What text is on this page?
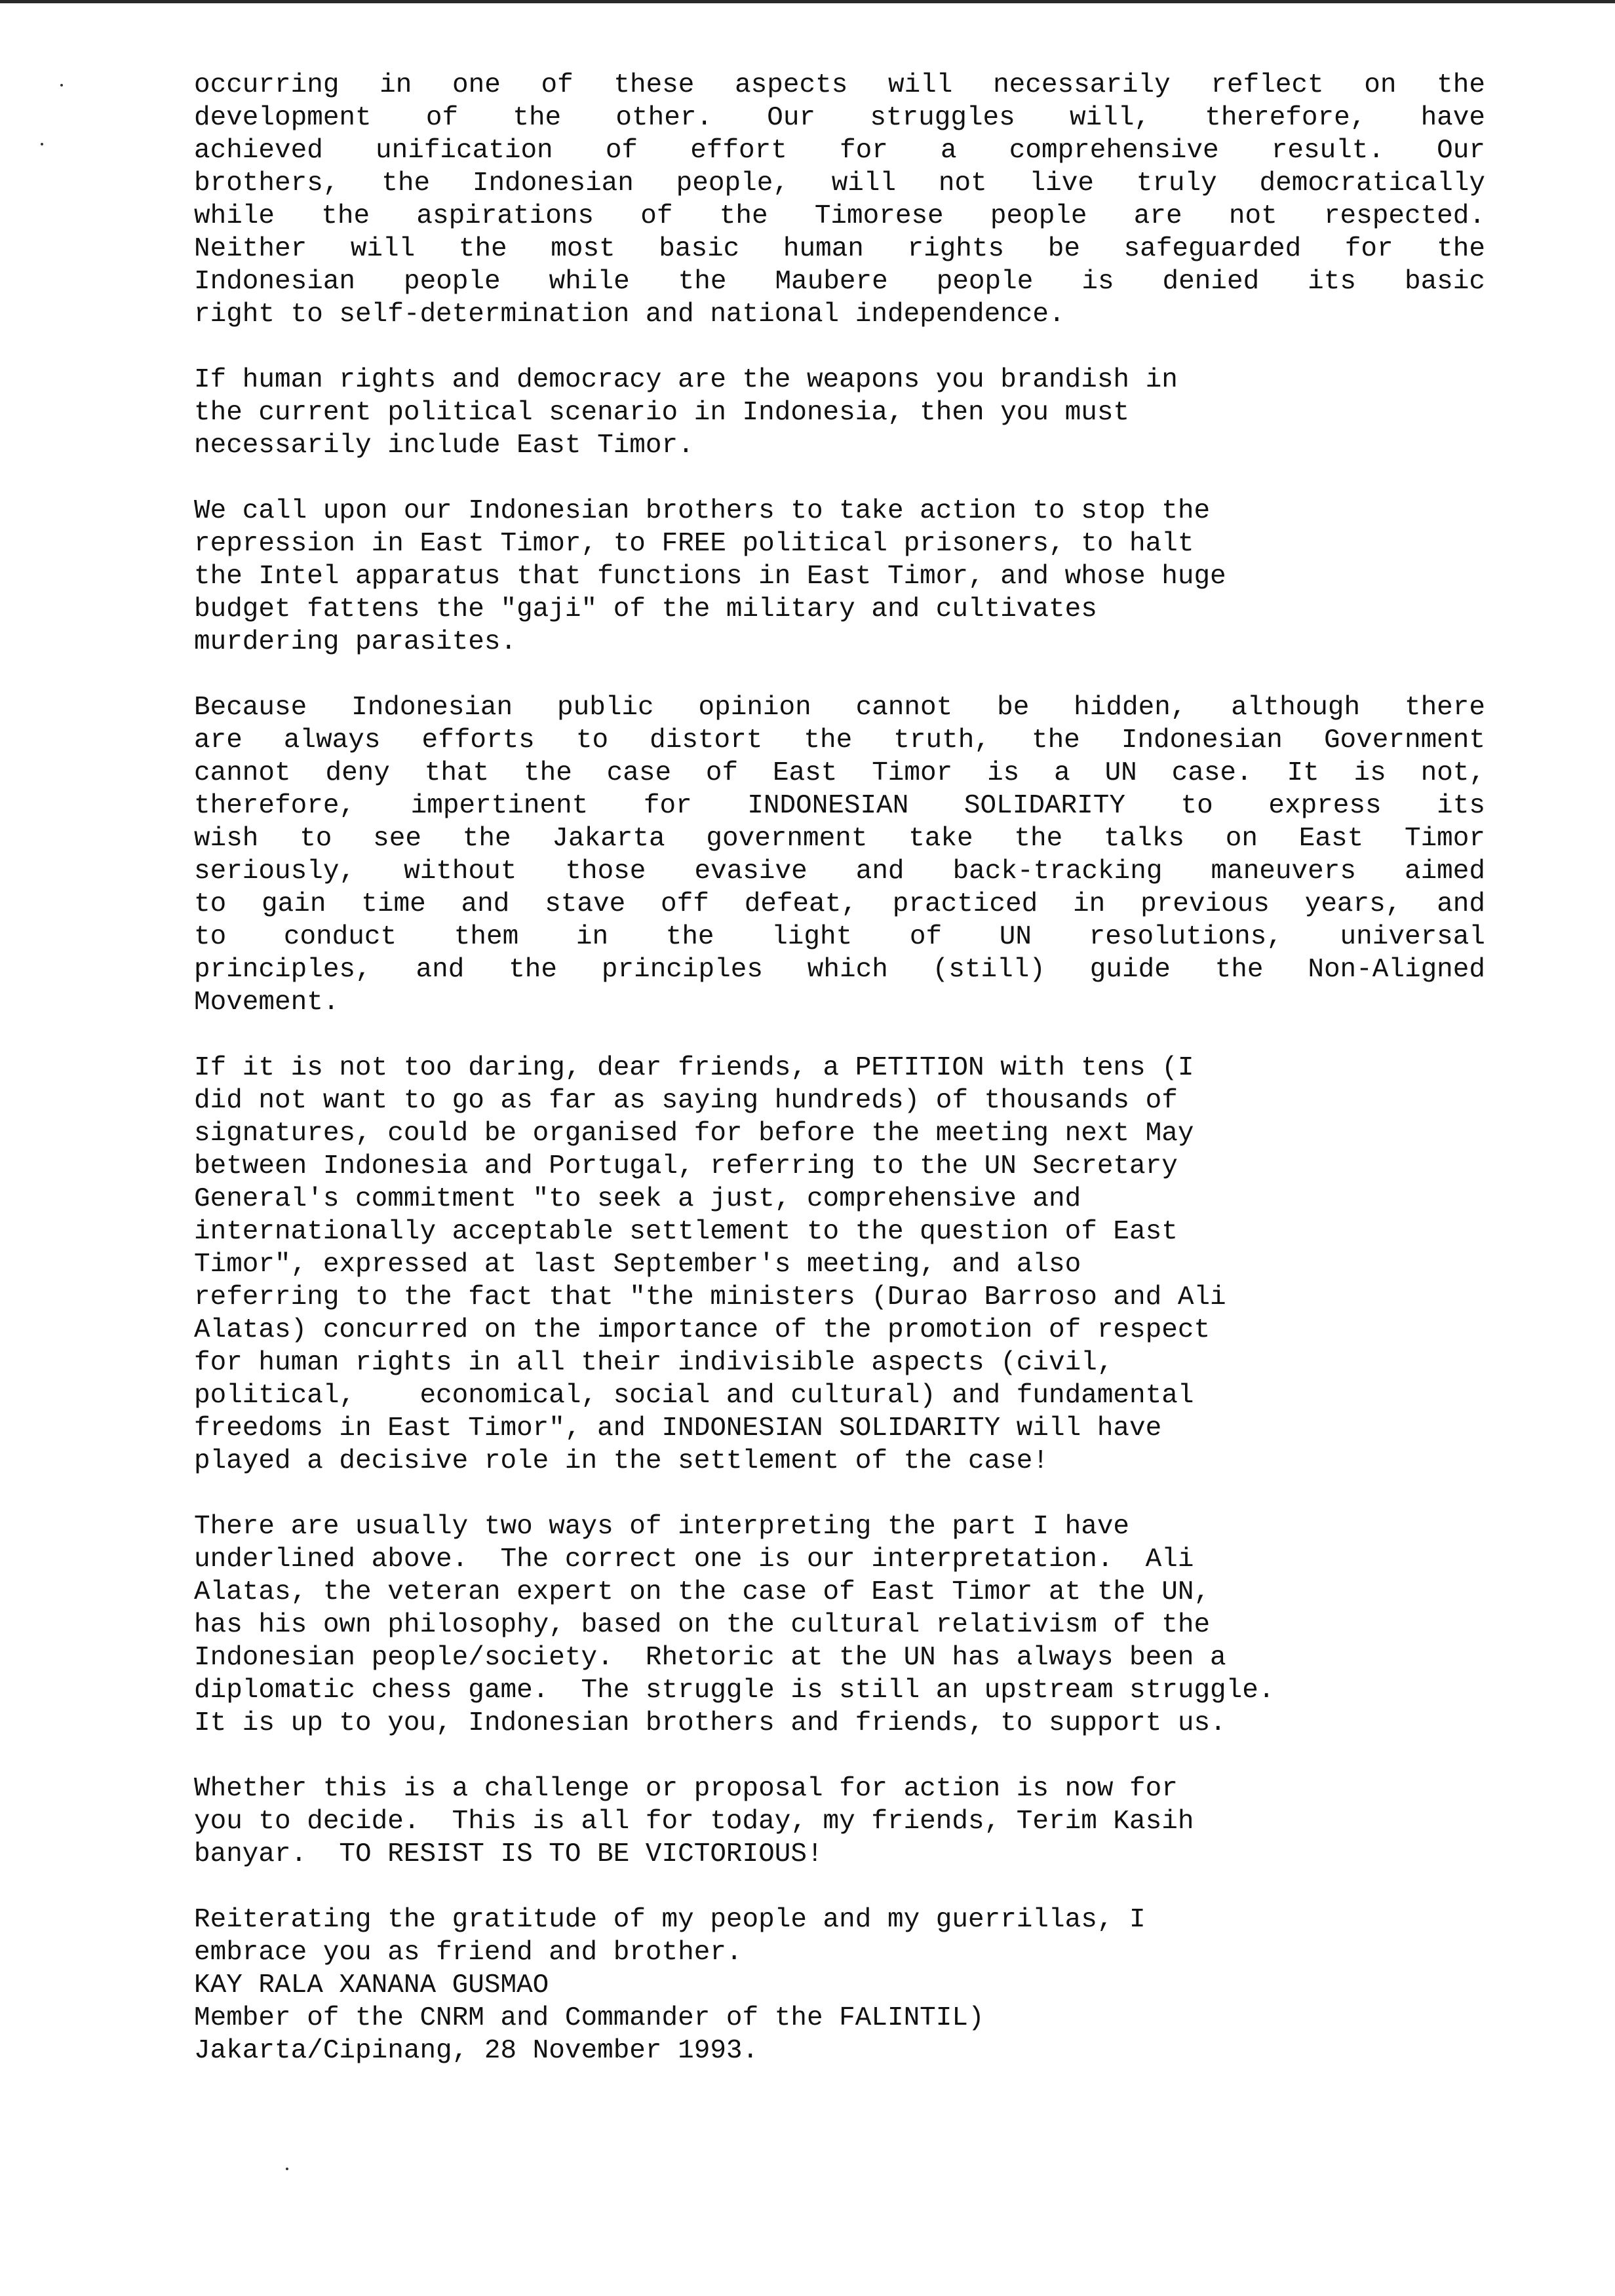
occurring in one of these aspects will necessarily reflect on the
development of the other. Our struggles will, therefore, have
achieved unification of effort for a comprehensive result. Our
brothers, the Indonesian people, will not live truly democratically
while the aspirations of the Timorese people are not respected.
Neither will the most basic human rights be safeguarded for the
Indonesian people while the Maubere people is denied its basic
right to self-determination and national independence.
If human rights and democracy are the weapons you brandish in
the current political scenario in Indonesia, then you must
necessarily include East Timor.
We call upon our Indonesian brothers to take action to stop the
repression in East Timor, to FREE political prisoners, to halt
the Intel apparatus that functions in East Timor, and whose huge
budget fattens the "gaji" of the military and cultivates
murdering parasites.
Because Indonesian public opinion cannot be hidden, although there
are always efforts to distort the truth, the Indonesian Government
cannot deny that the case of East Timor is a UN case. It is not,
therefore, impertinent for INDONESIAN SOLIDARITY to express its
wish to see the Jakarta government take the talks on East Timor
seriously, without those evasive and back-tracking maneuvers aimed
to gain time and stave off defeat, practiced in previous years, and
to conduct them in the light of UN resolutions, universal
principles, and the principles which (still) guide the Non-Aligned
Movement.
If it is not too daring, dear friends, a PETITION with tens (I
did not want to go as far as saying hundreds) of thousands of
signatures, could be organised for before the meeting next May
between Indonesia and Portugal, referring to the UN Secretary
General's commitment "to seek a just, comprehensive and
internationally acceptable settlement to the question of East
Timor", expressed at last September's meeting, and also
referring to the fact that "the ministers (Durao Barroso and Ali
Alatas) concurred on the importance of the promotion of respect
for human rights in all their indivisible aspects (civil,
political,    economical, social and cultural) and fundamental
freedoms in East Timor", and INDONESIAN SOLIDARITY will have
played a decisive role in the settlement of the case!
There are usually two ways of interpreting the part I have
underlined above.  The correct one is our interpretation.  Ali
Alatas, the veteran expert on the case of East Timor at the UN,
has his own philosophy, based on the cultural relativism of the
Indonesian people/society.  Rhetoric at the UN has always been a
diplomatic chess game.  The struggle is still an upstream struggle.
It is up to you, Indonesian brothers and friends, to support us.
Whether this is a challenge or proposal for action is now for
you to decide.  This is all for today, my friends, Terim Kasih
banyar.  TO RESIST IS TO BE VICTORIOUS!
Reiterating the gratitude of my people and my guerrillas, I
embrace you as friend and brother.
KAY RALA XANANA GUSMAO
Member of the CNRM and Commander of the FALINTIL)
Jakarta/Cipinang, 28 November 1993.
